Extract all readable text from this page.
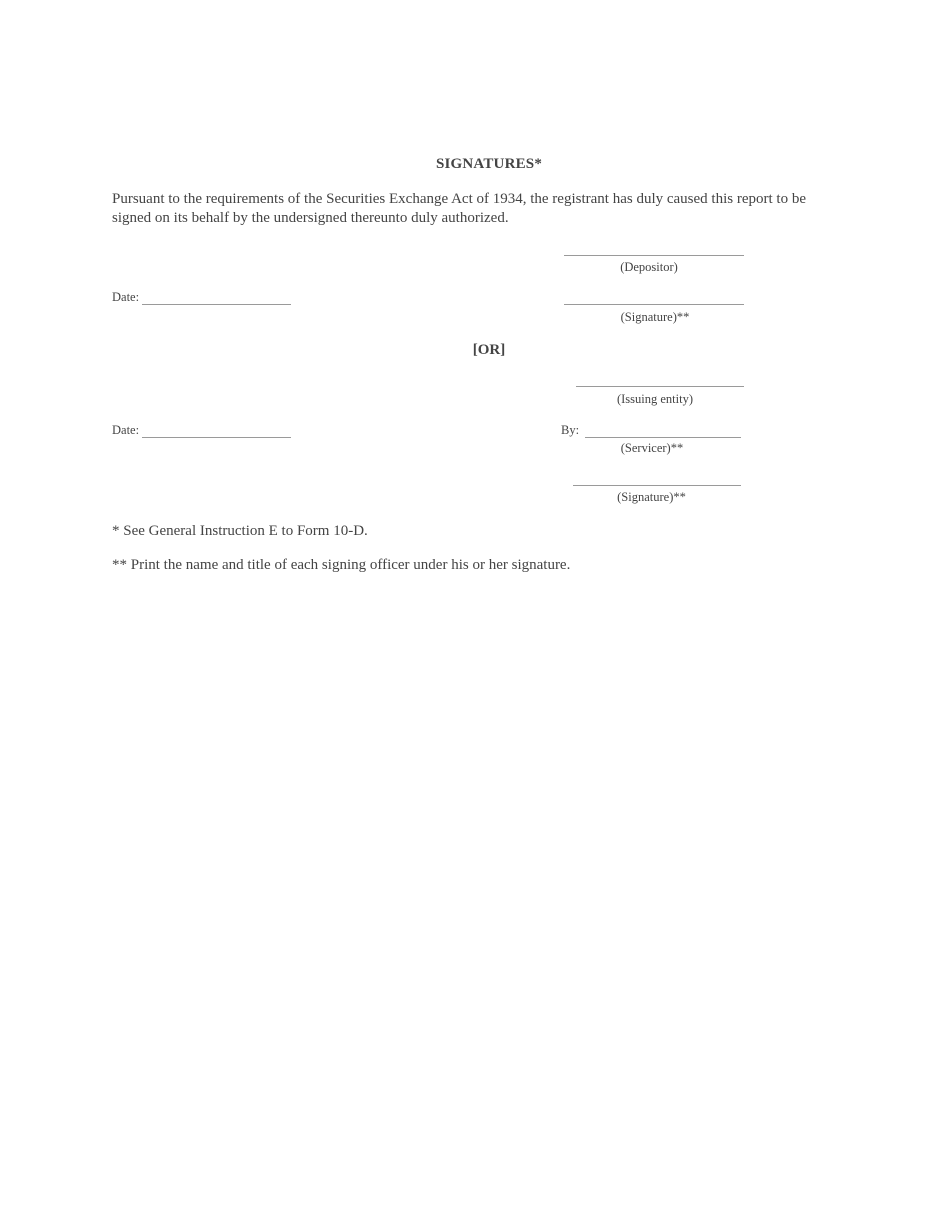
SIGNATURES*
Pursuant to the requirements of the Securities Exchange Act of 1934, the registrant has duly caused this report to be signed on its behalf by the undersigned thereunto duly authorized.
(Depositor)
Date:
(Signature)**
[OR]
(Issuing entity)
Date:	By:
(Servicer)**
(Signature)**
* See General Instruction E to Form 10-D.
** Print the name and title of each signing officer under his or her signature.
